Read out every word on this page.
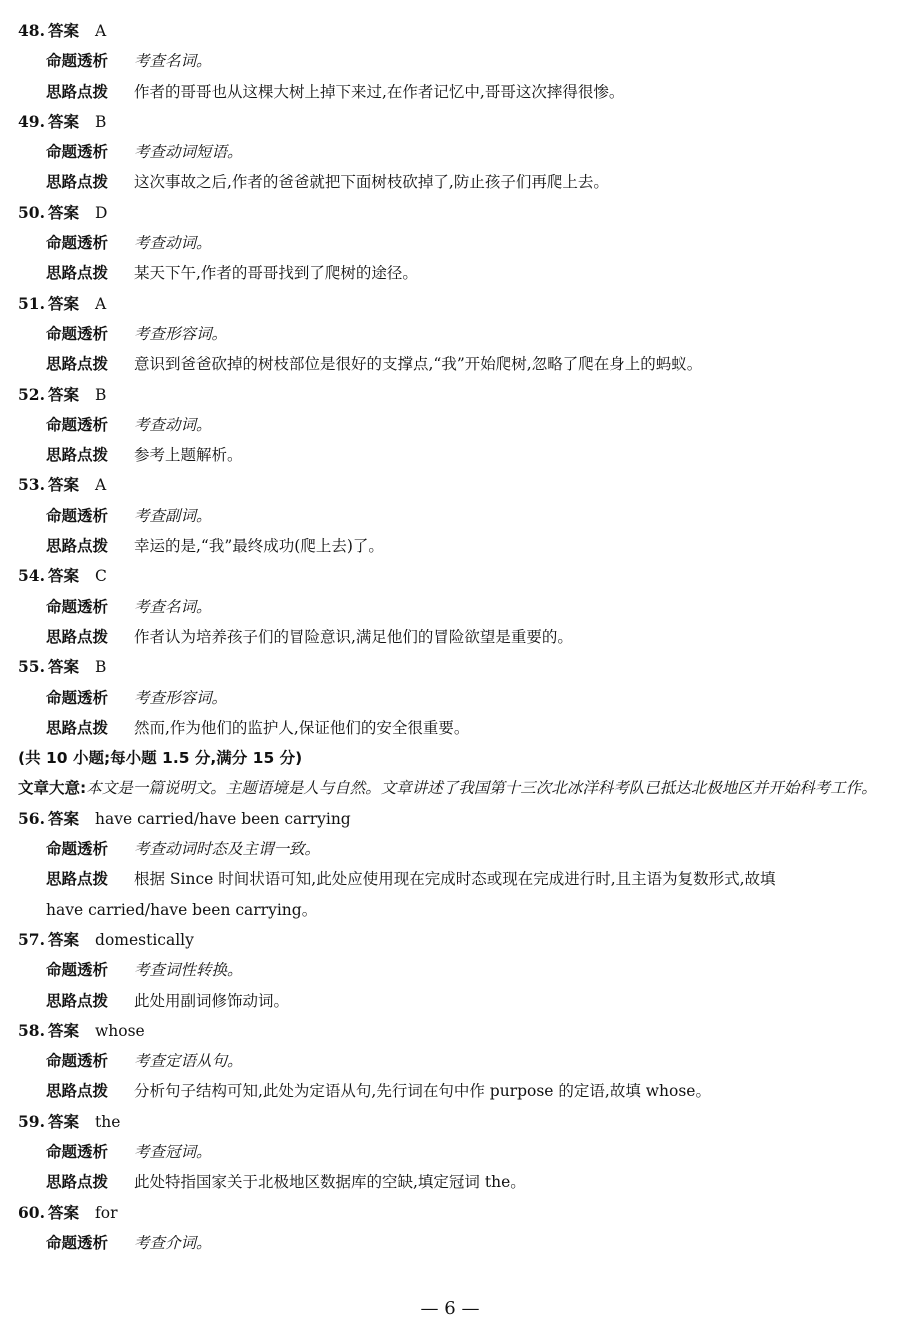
48. 答案 A
命题透析 考查名词。
思路点拨 作者的哥哥也从这棵大树上掉下来过,在作者记忆中,哥哥这次摔得很惨。
49. 答案 B
命题透析 考查动词短语。
思路点拨 这次事故之后,作者的爸爸就把下面树枝砍掉了,防止孩子们再爬上去。
50. 答案 D
命题透析 考查动词。
思路点拨 某天下午,作者的哥哥找到了爬树的途径。
51. 答案 A
命题透析 考查形容词。
思路点拨 意识到爸爸砍掉的树枝部位是很好的支撑点,“我”开始爬树,忽略了爬在身上的蚂蚁。
52. 答案 B
命题透析 考查动词。
思路点拨 参考上题解析。
53. 答案 A
命题透析 考查副词。
思路点拨 幸运的是,“我”最终成功(爬上去)了。
54. 答案 C
命题透析 考查名词。
思路点拨 作者认为培养孩子们的冒险意识,满足他们的冒险欲望是重要的。
55. 答案 B
命题透析 考查形容词。
思路点拨 然而,作为他们的监护人,保证他们的安全很重要。
(共 10 小题;每小题 1.5 分,满分 15 分)
文章大意:本文是一篇说明文。主题语境是人与自然。文章讲述了我国第十三次北冰洋科考队已抵达北极地区并开始科考工作。
56. 答案 have carried/have been carrying
命题透析 考查动词时态及主谓一致。
思路点拨 根据 Since 时间状语可知,此处应使用现在完成时态或现在完成进行时,且主语为复数形式,故填
have carried/have been carrying。
57. 答案 domestically
命题透析 考查词性转换。
思路点拨 此处用副词修饰动词。
58. 答案 whose
命题透析 考查定语从句。
思路点拨 分析句子结构可知,此处为定语从句,先行词在句中作 purpose 的定语,故填 whose。
59. 答案 the
命题透析 考查冠词。
思路点拨 此处特指国家关于北极地区数据库的空缺,填定冠词 the。
60. 答案 for
命题透析 考查介词。
— 6 —
